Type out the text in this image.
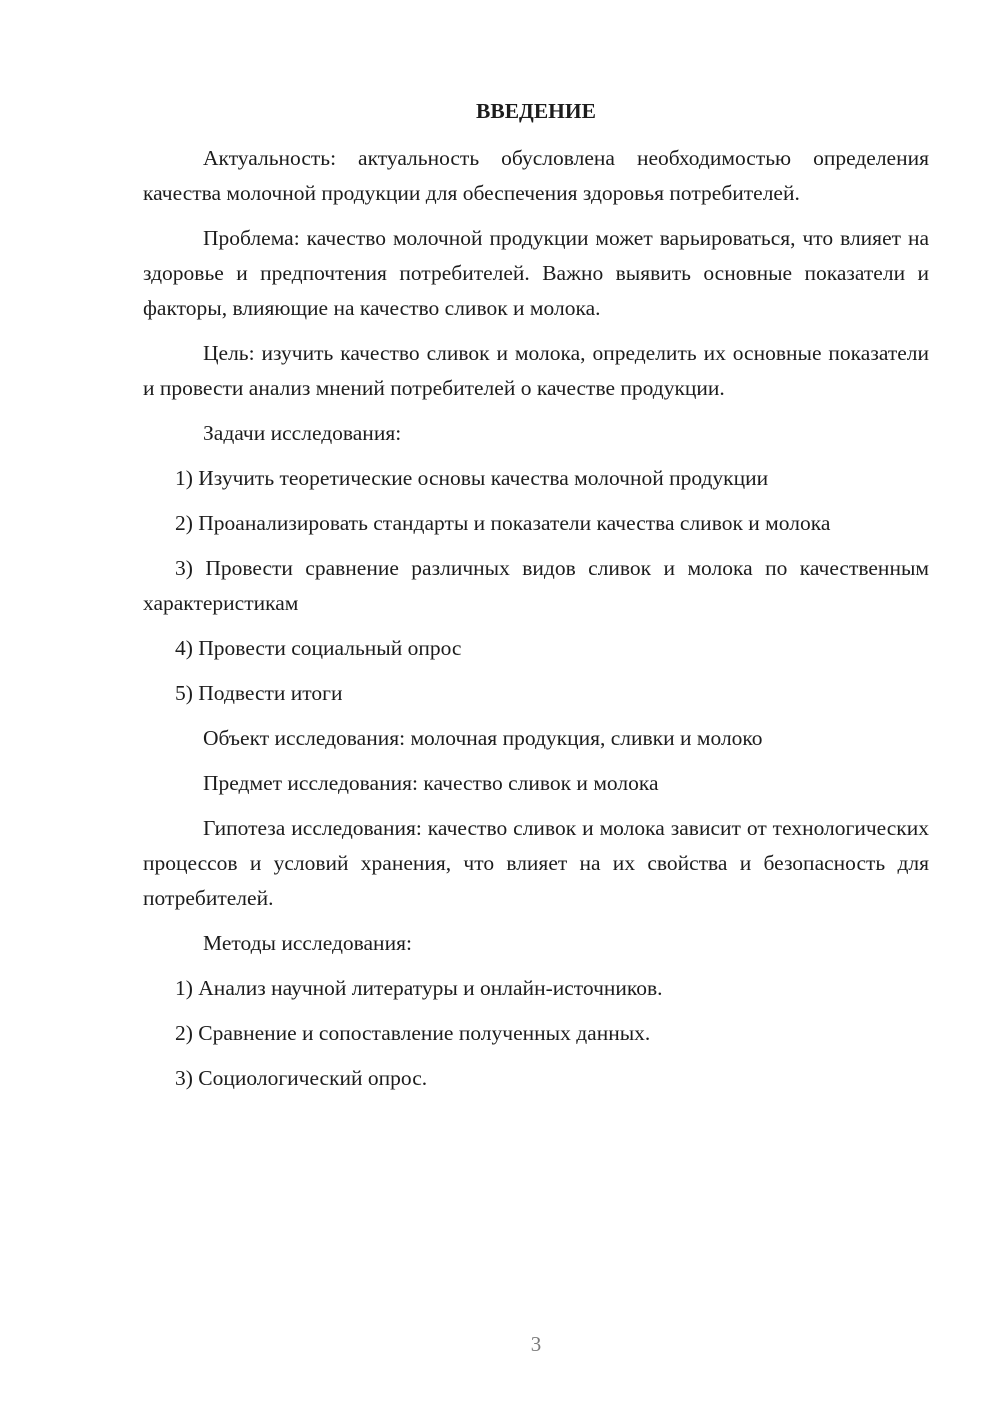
ВВЕДЕНИЕ

Актуальность: актуальность обусловлена необходимостью определения качества молочной продукции для обеспечения здоровья потребителей.

Проблема: качество молочной продукции может варьироваться, что влияет на здоровье и предпочтения потребителей. Важно выявить основные показатели и факторы, влияющие на качество сливок и молока.

Цель: изучить качество сливок и молока, определить их основные показатели и провести анализ мнений потребителей о качестве продукции.

Задачи исследования:

1) Изучить теоретические основы качества молочной продукции

2) Проанализировать стандарты и показатели качества сливок и молока

3) Провести сравнение различных видов сливок и молока по качественным характеристикам

4) Провести социальный опрос

5) Подвести итоги

Объект исследования: молочная продукция, сливки и молоко

Предмет исследования: качество сливок и молока

Гипотеза исследования: качество сливок и молока зависит от технологических процессов и условий хранения, что влияет на их свойства и безопасность для потребителей.

Методы исследования:

1) Анализ научной литературы и онлайн-источников.

2) Сравнение и сопоставление полученных данных.

3) Социологический опрос.

3
